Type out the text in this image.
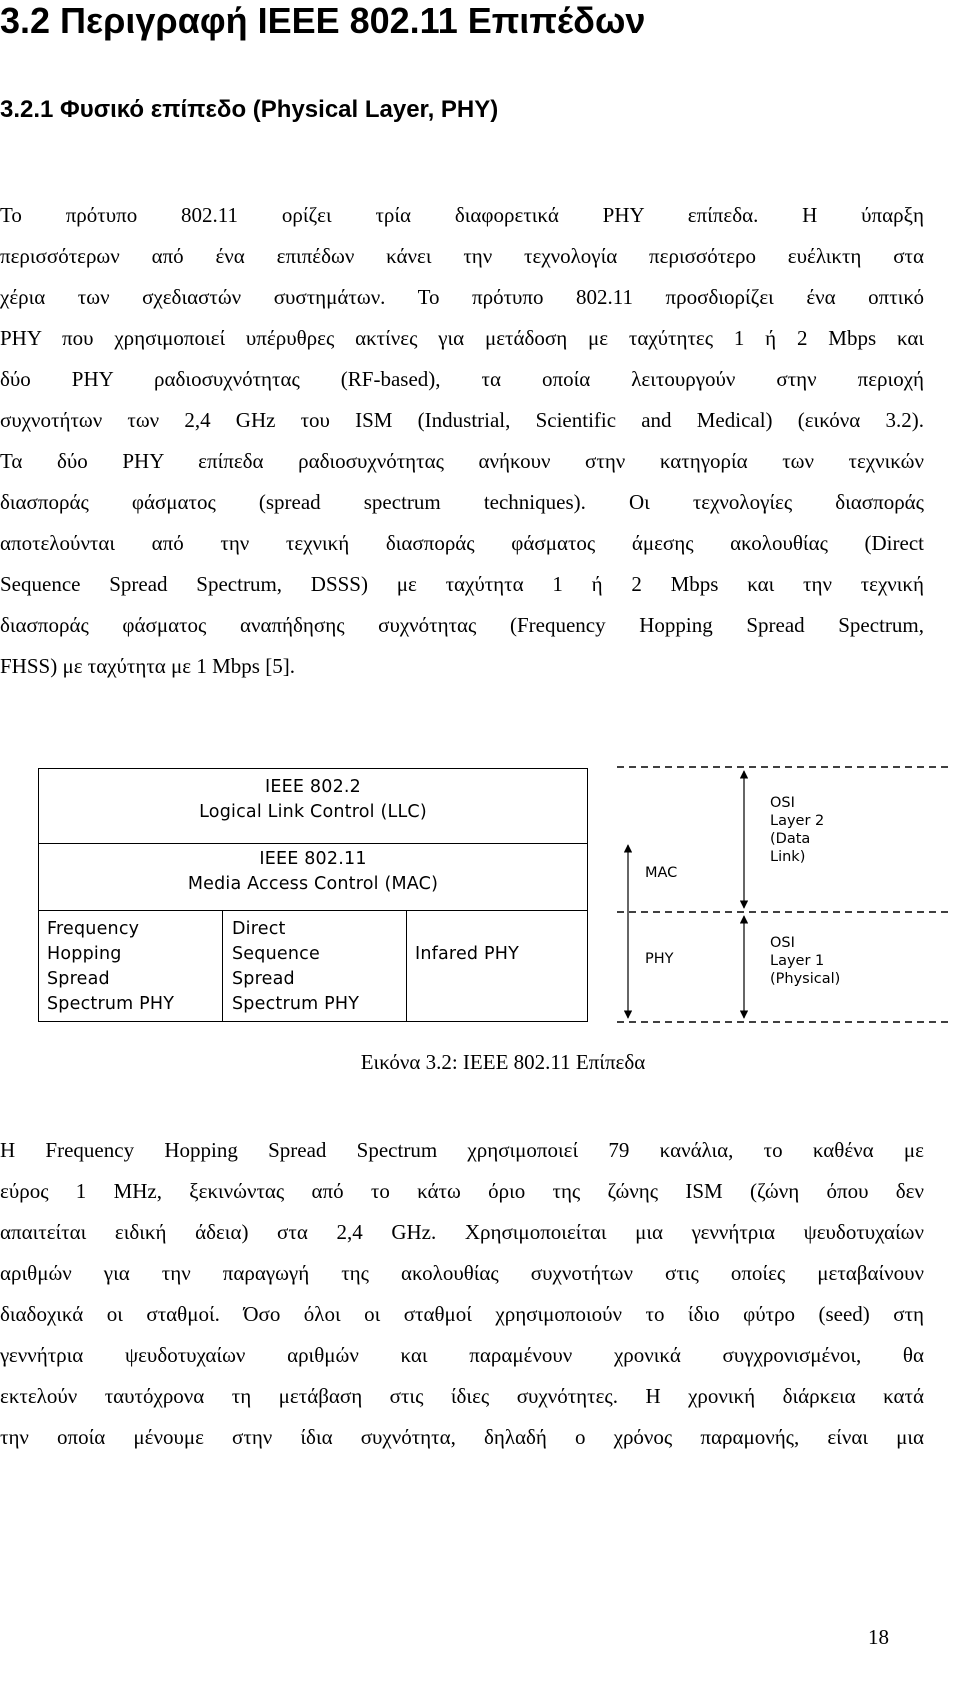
3.2 Περιγραφή IEEE 802.11 Επιπέδων
3.2.1 Φυσικό επίπεδο (Physical Layer, PHY)
Το πρότυπο 802.11 ορίζει τρία διαφορετικά PHY επίπεδα. Η ύπαρξη
περισσότερων από ένα επιπέδων κάνει την τεχνολογία περισσότερο ευέλικτη στα
χέρια των σχεδιαστών συστημάτων. Το πρότυπο 802.11 προσδιορίζει ένα οπτικό
PHY που χρησιμοποιεί υπέρυθρες ακτίνες για μετάδοση με ταχύτητες 1 ή 2 Mbps και
δύο PHY ραδιοσυχνότητας (RF-based), τα οποία λειτουργούν στην περιοχή
συχνοτήτων των 2,4 GHz του ISM (Industrial, Scientific and Medical) (εικόνα 3.2).
Τα δύο PHY επίπεδα ραδιοσυχνότητας ανήκουν στην κατηγορία των τεχνικών
διασποράς φάσματος (spread spectrum techniques). Οι τεχνολογίες διασποράς
αποτελούνται από την τεχνική διασποράς φάσματος άμεσης ακολουθίας (Direct
Sequence Spread Spectrum, DSSS) με ταχύτητα 1 ή 2 Mbps και την τεχνική
διασποράς φάσματος αναπήδησης συχνότητας (Frequency Hopping Spread Spectrum,
FHSS) με ταχύτητα με 1 Mbps [5].
IEEE 802.2
Logical Link Control (LLC)
IEEE 802.11
Media Access Control (MAC)
Frequency
Hopping
Spread
Spectrum PHY
Direct
Sequence
Spread
Spectrum PHY
Infared PHY
MAC
PHY
OSI
Layer 2
(Data
Link)
OSI
Layer 1
(Physical)
Εικόνα 3.2: IEEE 802.11 Επίπεδα
Η Frequency Hopping Spread Spectrum χρησιμοποιεί 79 κανάλια, το καθένα με
εύρος 1 MHz, ξεκινώντας από το κάτω όριο της ζώνης ISM (ζώνη όπου δεν
απαιτείται ειδική άδεια) στα 2,4 GHz. Χρησιμοποιείται μια γεννήτρια ψευδοτυχαίων
αριθμών για την παραγωγή της ακολουθίας συχνοτήτων στις οποίες μεταβαίνουν
διαδοχικά οι σταθμοί. Όσο όλοι οι σταθμοί χρησιμοποιούν το ίδιο φύτρο (seed) στη
γεννήτρια ψευδοτυχαίων αριθμών και παραμένουν χρονικά συγχρονισμένοι, θα
εκτελούν ταυτόχρονα τη μετάβαση στις ίδιες συχνότητες. Η χρονική διάρκεια κατά
την οποία μένουμε στην ίδια συχνότητα, δηλαδή ο χρόνος παραμονής, είναι μια
18
